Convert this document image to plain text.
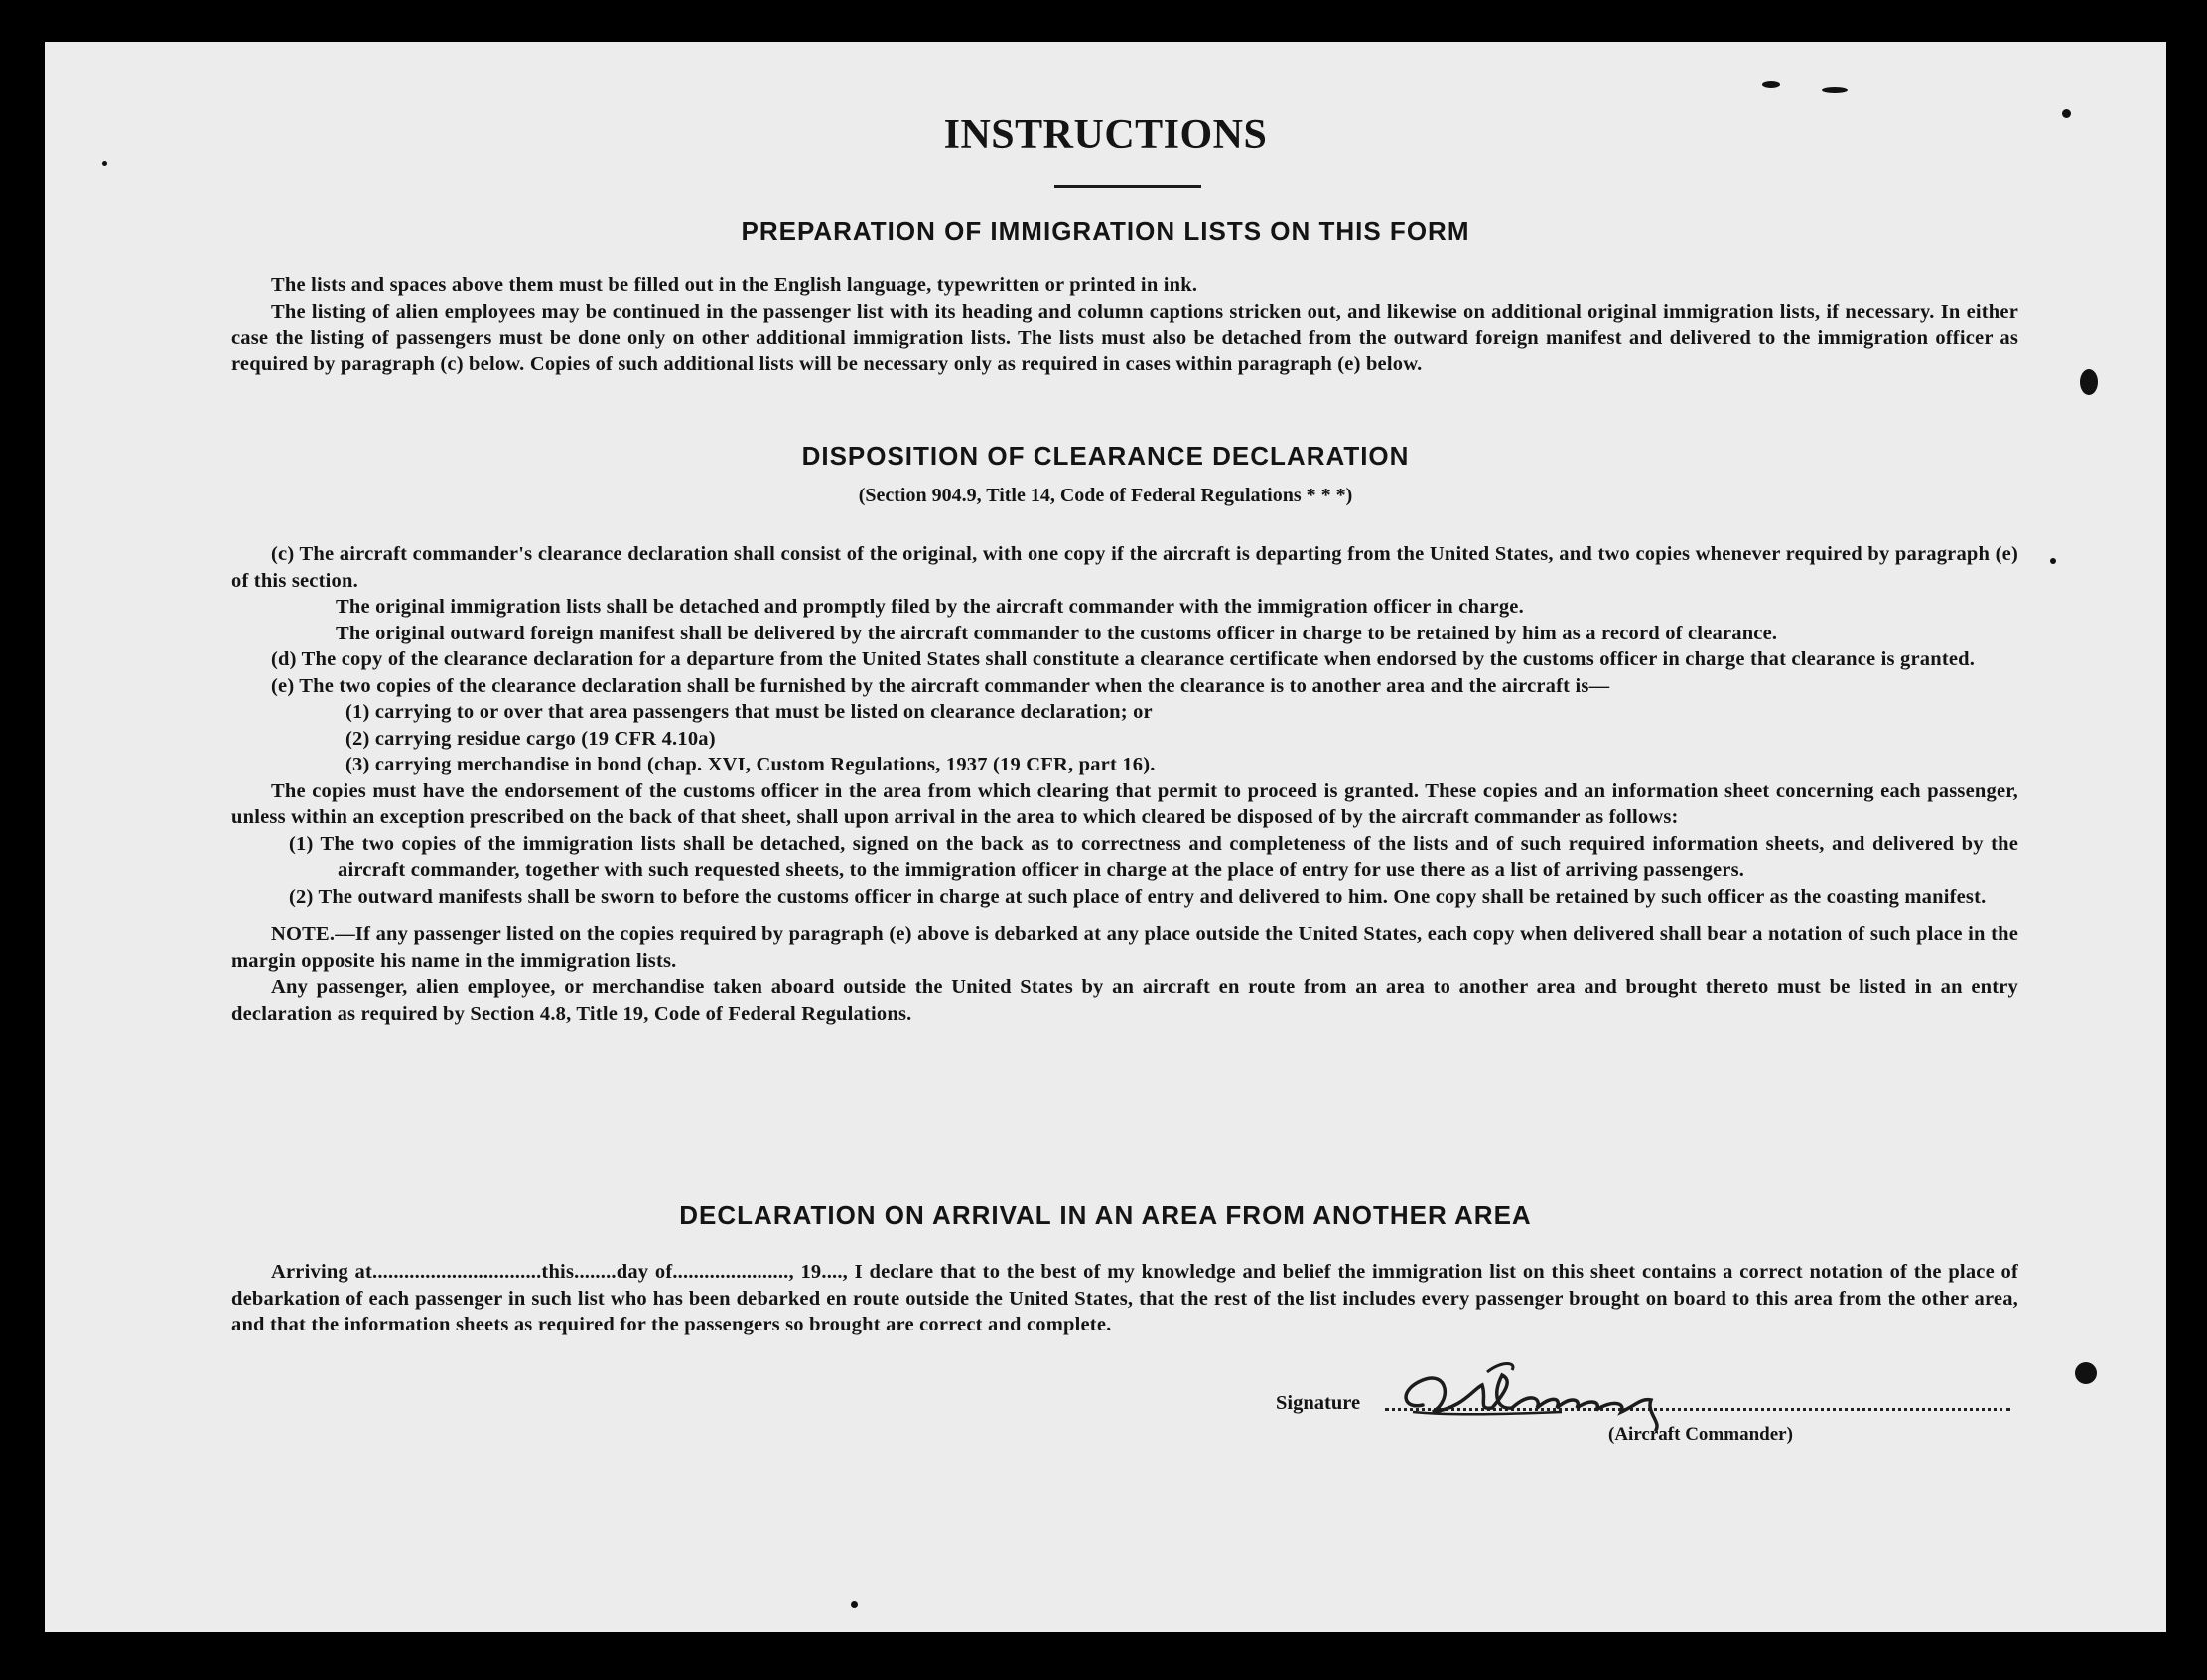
INSTRUCTIONS
PREPARATION OF IMMIGRATION LISTS ON THIS FORM

The lists and spaces above them must be filled out in the English language, typewritten or printed in ink.

The listing of alien employees may be continued in the passenger list with its heading and column captions stricken out, and likewise on additional original immigration lists, if necessary. In either case the listing of passengers must be done only on other additional immigration lists. The lists must also be detached from the outward foreign manifest and delivered to the immigration officer as required by paragraph (c) below. Copies of such additional lists will be necessary only as required in cases within paragraph (e) below.

DISPOSITION OF CLEARANCE DECLARATION
(Section 904.9, Title 14, Code of Federal Regulations * * *)

(c) The aircraft commander's clearance declaration shall consist of the original, with one copy if the aircraft is departing from the United States, and two copies whenever required by paragraph (e) of this section.

The original immigration lists shall be detached and promptly filed by the aircraft commander with the immigration officer in charge.

The original outward foreign manifest shall be delivered by the aircraft commander to the customs officer in charge to be retained by him as a record of clearance.

(d) The copy of the clearance declaration for a departure from the United States shall constitute a clearance certificate when endorsed by the customs officer in charge that clearance is granted.

(e) The two copies of the clearance declaration shall be furnished by the aircraft commander when the clearance is to another area and the aircraft is—

(1) carrying to or over that area passengers that must be listed on clearance declaration; or

(2) carrying residue cargo (19 CFR 4.10a)

(3) carrying merchandise in bond (chap. XVI, Custom Regulations, 1937 (19 CFR, part 16).

The copies must have the endorsement of the customs officer in the area from which clearing that permit to proceed is granted. These copies and an information sheet concerning each passenger, unless within an exception prescribed on the back of that sheet, shall upon arrival in the area to which cleared be disposed of by the aircraft commander as follows:

(1) The two copies of the immigration lists shall be detached, signed on the back as to correctness and completeness of the lists and of such required information sheets, and delivered by the aircraft commander, together with such requested sheets, to the immigration officer in charge at the place of entry for use there as a list of arriving passengers.

(2) The outward manifests shall be sworn to before the customs officer in charge at such place of entry and delivered to him. One copy shall be retained by such officer as the coasting manifest.

NOTE.—If any passenger listed on the copies required by paragraph (e) above is debarked at any place outside the United States, each copy when delivered shall bear a notation of such place in the margin opposite his name in the immigration lists.

Any passenger, alien employee, or merchandise taken aboard outside the United States by an aircraft en route from an area to another area and brought thereto must be listed in an entry declaration as required by Section 4.8, Title 19, Code of Federal Regulations.

DECLARATION ON ARRIVAL IN AN AREA FROM ANOTHER AREA

Arriving at................................this........day of......................, 19...., I declare that to the best of my knowledge and belief the immigration list on this sheet contains a correct notation of the place of debarkation of each passenger in such list who has been debarked en route outside the United States, that the rest of the list includes every passenger brought on board to this area from the other area, and that the information sheets as required for the passengers so brought are correct and complete.

Signature
(Aircraft Commander)
